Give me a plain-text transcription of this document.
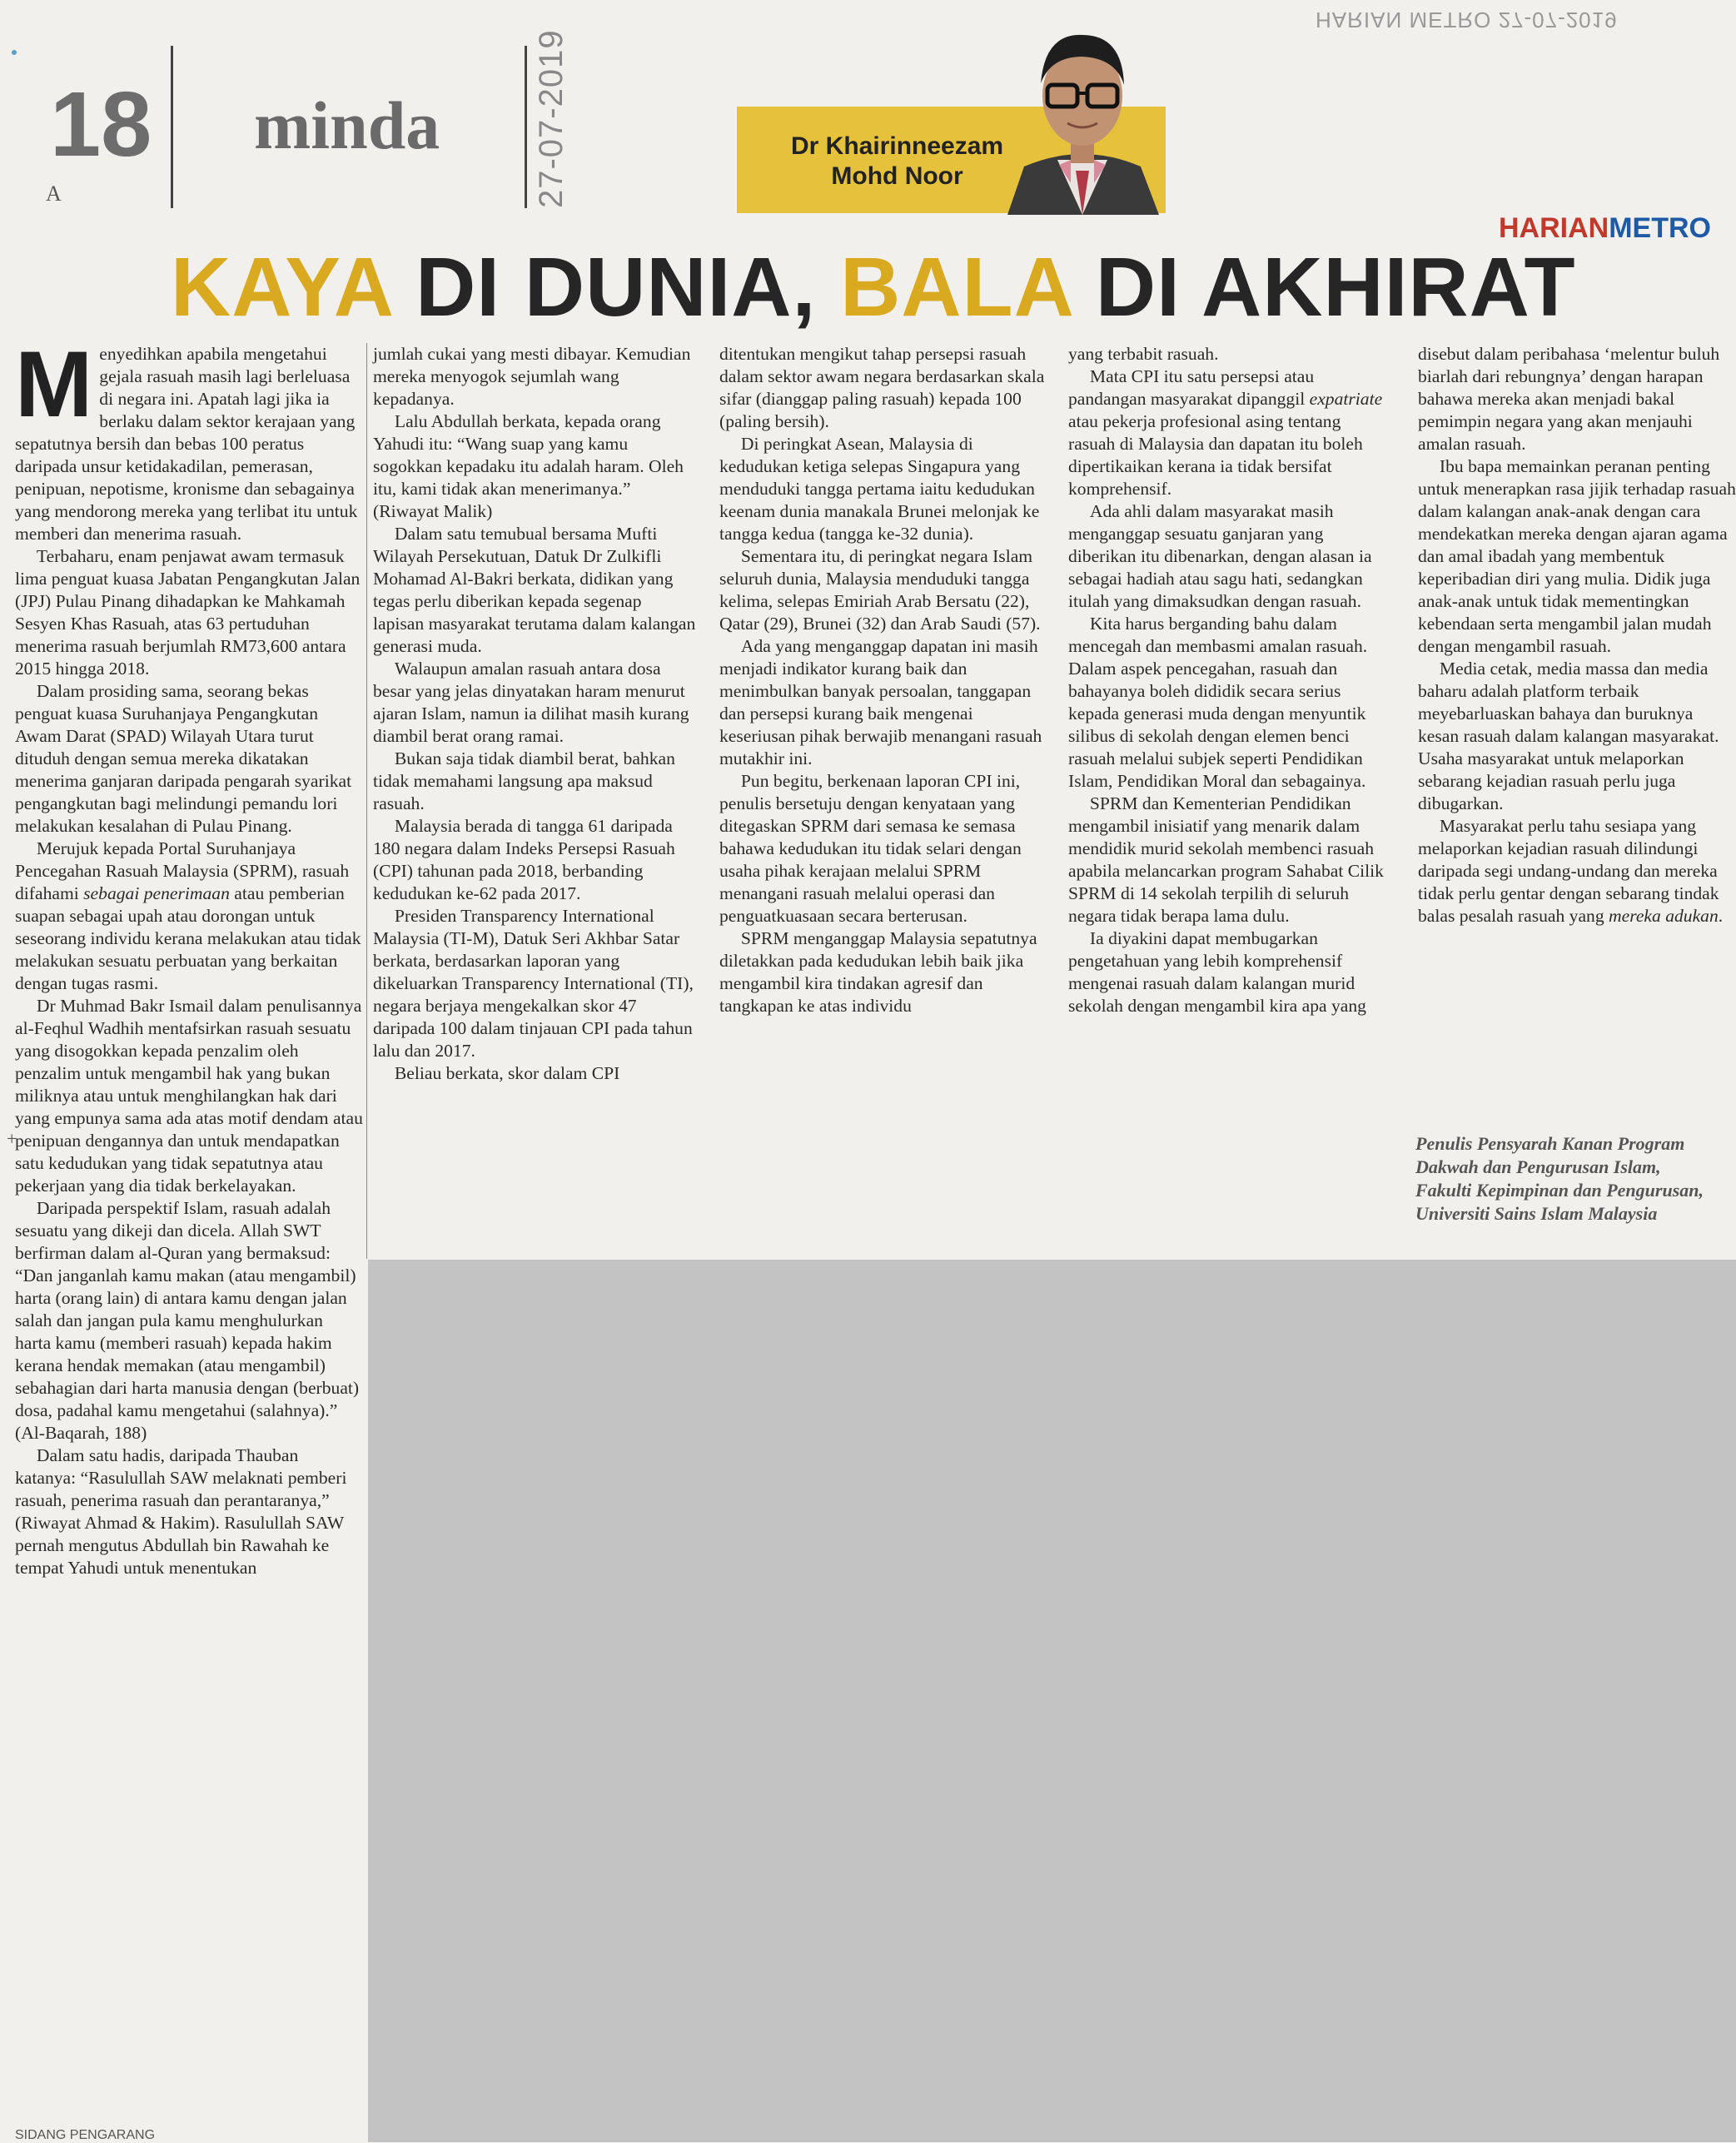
HARIAN METRO 27-07-2019
18
A
minda	27-07-2019	Dr Khairinneezam
Mohd Noor
HARIANMETRO
KAYA DI DUNIA, BALA DI AKHIRAT

Menyedihkan apabila mengetahui gejala rasuah masih lagi berleluasa di negara ini. Apatah lagi jika ia berlaku dalam sektor kerajaan yang sepatutnya bersih dan bebas 100 peratus daripada unsur ketidakadilan, pemerasan, penipuan, nepotisme, kronisme dan sebagainya yang mendorong mereka yang terlibat itu untuk memberi dan menerima rasuah.

Terbaharu, enam penjawat awam termasuk lima penguat kuasa Jabatan Pengangkutan Jalan (JPJ) Pulau Pinang dihadapkan ke Mahkamah Sesyen Khas Rasuah, atas 63 pertuduhan menerima rasuah berjumlah RM73,600 antara 2015 hingga 2018.

Dalam prosiding sama, seorang bekas penguat kuasa Suruhanjaya Pengangkutan Awam Darat (SPAD) Wilayah Utara turut dituduh dengan semua mereka dikatakan menerima ganjaran daripada pengarah syarikat pengangkutan bagi melindungi pemandu lori melakukan kesalahan di Pulau Pinang.

Merujuk kepada Portal Suruhanjaya Pencegahan Rasuah Malaysia (SPRM), rasuah difahami sebagai penerimaan atau pemberian suapan sebagai upah atau dorongan untuk seseorang individu kerana melakukan atau tidak melakukan sesuatu perbuatan yang berkaitan dengan tugas rasmi.

Dr Muhmad Bakr Ismail dalam penulisannya al-Feqhul Wadhih mentafsirkan rasuah sesuatu yang disogokkan kepada penzalim oleh penzalim untuk mengambil hak yang bukan miliknya atau untuk menghilangkan hak dari yang empunya sama ada atas motif dendam atau penipuan dengannya dan untuk mendapatkan satu kedudukan yang tidak sepatutnya atau pekerjaan yang dia tidak berkelayakan.

Daripada perspektif Islam, rasuah adalah sesuatu yang dikeji dan dicela. Allah SWT berfirman dalam al-Quran yang bermaksud: “Dan janganlah kamu makan (atau mengambil) harta (orang lain) di antara kamu dengan jalan salah dan jangan pula kamu menghulurkan harta kamu (memberi rasuah) kepada hakim kerana hendak memakan (atau mengambil) sebahagian dari harta manusia dengan (berbuat) dosa, padahal kamu mengetahui (salahnya).” (Al-Baqarah, 188)

Dalam satu hadis, daripada Thauban katanya: “Rasulullah SAW melaknati pemberi rasuah, penerima rasuah dan perantaranya,” (Riwayat Ahmad & Hakim). Rasulullah SAW pernah mengutus Abdullah bin Rawahah ke tempat Yahudi untuk menentukan

jumlah cukai yang mesti dibayar. Kemudian mereka menyogok sejumlah wang kepadanya.

Lalu Abdullah berkata, kepada orang Yahudi itu: “Wang suap yang kamu sogokkan kepadaku itu adalah haram. Oleh itu, kami tidak akan menerimanya.” (Riwayat Malik)

Dalam satu temubual bersama Mufti Wilayah Persekutuan, Datuk Dr Zulkifli Mohamad Al-Bakri berkata, didikan yang tegas perlu diberikan kepada segenap lapisan masyarakat terutama dalam kalangan generasi muda.

Walaupun amalan rasuah antara dosa besar yang jelas dinyatakan haram menurut ajaran Islam, namun ia dilihat masih kurang diambil berat orang ramai.

Bukan saja tidak diambil berat, bahkan tidak memahami langsung apa maksud rasuah.

Malaysia berada di tangga 61 daripada 180 negara dalam Indeks Persepsi Rasuah (CPI) tahunan pada 2018, berbanding kedudukan ke-62 pada 2017.

Presiden Transparency International Malaysia (TI-M), Datuk Seri Akhbar Satar berkata, berdasarkan laporan yang dikeluarkan Transparency International (TI), negara berjaya mengekalkan skor 47 daripada 100 dalam tinjauan CPI pada tahun lalu dan 2017.

Beliau berkata, skor dalam CPI

ditentukan mengikut tahap persepsi rasuah dalam sektor awam negara berdasarkan skala sifar (dianggap paling rasuah) kepada 100 (paling bersih).

Di peringkat Asean, Malaysia di kedudukan ketiga selepas Singapura yang menduduki tangga pertama iaitu kedudukan keenam dunia manakala Brunei melonjak ke tangga kedua (tangga ke-32 dunia).

Sementara itu, di peringkat negara Islam seluruh dunia, Malaysia menduduki tangga kelima, selepas Emiriah Arab Bersatu (22), Qatar (29), Brunei (32) dan Arab Saudi (57).

Ada yang menganggap dapatan ini masih menjadi indikator kurang baik dan menimbulkan banyak persoalan, tanggapan dan persepsi kurang baik mengenai keseriusan pihak berwajib menangani rasuah mutakhir ini.

Pun begitu, berkenaan laporan CPI ini, penulis bersetuju dengan kenyataan yang ditegaskan SPRM dari semasa ke semasa bahawa kedudukan itu tidak selari dengan usaha pihak kerajaan melalui SPRM menangani rasuah melalui operasi dan penguatkuasaan secara berterusan.

SPRM menganggap Malaysia sepatutnya diletakkan pada kedudukan lebih baik jika mengambil kira tindakan agresif dan tangkapan ke atas individu

yang terbabit rasuah.

Mata CPI itu satu persepsi atau pandangan masyarakat dipanggil expatriate atau pekerja profesional asing tentang rasuah di Malaysia dan dapatan itu boleh dipertikaikan kerana ia tidak bersifat komprehensif.

Ada ahli dalam masyarakat masih menganggap sesuatu ganjaran yang diberikan itu dibenarkan, dengan alasan ia sebagai hadiah atau sagu hati, sedangkan itulah yang dimaksudkan dengan rasuah.

Kita harus berganding bahu dalam mencegah dan membasmi amalan rasuah. Dalam aspek pencegahan, rasuah dan bahayanya boleh dididik secara serius kepada generasi muda dengan menyuntik silibus di sekolah dengan elemen benci rasuah melalui subjek seperti Pendidikan Islam, Pendidikan Moral dan sebagainya.

SPRM dan Kementerian Pendidikan mengambil inisiatif yang menarik dalam mendidik murid sekolah membenci rasuah apabila melancarkan program Sahabat Cilik SPRM di 14 sekolah terpilih di seluruh negara tidak berapa lama dulu.

Ia diyakini dapat membugarkan pengetahuan yang lebih komprehensif mengenai rasuah dalam kalangan murid sekolah dengan mengambil kira apa yang

disebut dalam peribahasa ‘melentur buluh biarlah dari rebungnya’ dengan harapan bahawa mereka akan menjadi bakal pemimpin negara yang akan menjauhi amalan rasuah.

Ibu bapa memainkan peranan penting untuk menerapkan rasa jijik terhadap rasuah dalam kalangan anak-anak dengan cara mendekatkan mereka dengan ajaran agama dan amal ibadah yang membentuk keperibadian diri yang mulia. Didik juga anak-anak untuk tidak mementingkan kebendaan serta mengambil jalan mudah dengan mengambil rasuah.

Media cetak, media massa dan media baharu adalah platform terbaik meyebarluaskan bahaya dan buruknya kesan rasuah dalam kalangan masyarakat. Usaha masyarakat untuk melaporkan sebarang kejadian rasuah perlu juga dibugarkan.

Masyarakat perlu tahu sesiapa yang melaporkan kejadian rasuah dilindungi daripada segi undang-undang dan mereka tidak perlu gentar dengan sebarang tindak balas pesalah rasuah yang mereka adukan.

Penulis Pensyarah Kanan Program Dakwah dan Pengurusan Islam, Fakulti Kepimpinan dan Pengurusan, Universiti Sains Islam Malaysia
+
SIDANG PENGARANG
